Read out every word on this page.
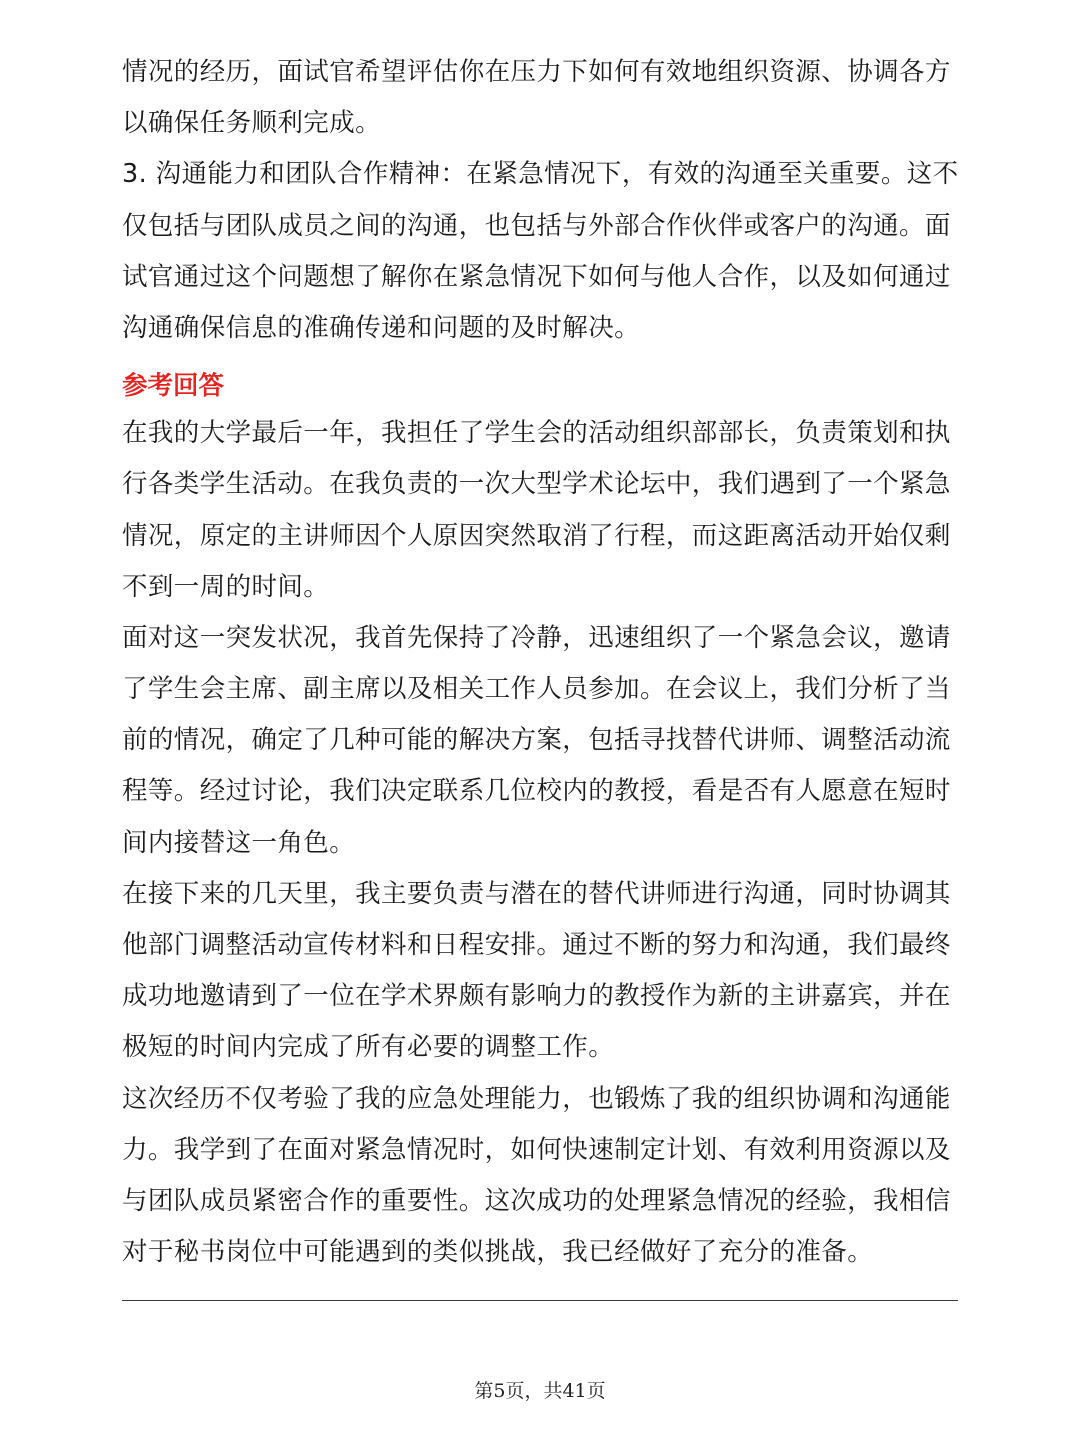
情况的经历，面试官希望评估你在压力下如何有效地组织资源、协调各方

以确保任务顺利完成。

3. 沟通能力和团队合作精神：在紧急情况下，有效的沟通至关重要。这不

仅包括与团队成员之间的沟通，也包括与外部合作伙伴或客户的沟通。面

试官通过这个问题想了解你在紧急情况下如何与他人合作，以及如何通过

沟通确保信息的准确传递和问题的及时解决。

参考回答

在我的大学最后一年，我担任了学生会的活动组织部部长，负责策划和执

行各类学生活动。在我负责的一次大型学术论坛中，我们遇到了一个紧急

情况，原定的主讲师因个人原因突然取消了行程，而这距离活动开始仅剩

不到一周的时间。

面对这一突发状况，我首先保持了冷静，迅速组织了一个紧急会议，邀请

了学生会主席、副主席以及相关工作人员参加。在会议上，我们分析了当

前的情况，确定了几种可能的解决方案，包括寻找替代讲师、调整活动流

程等。经过讨论，我们决定联系几位校内的教授，看是否有人愿意在短时

间内接替这一角色。

在接下来的几天里，我主要负责与潜在的替代讲师进行沟通，同时协调其

他部门调整活动宣传材料和日程安排。通过不断的努力和沟通，我们最终

成功地邀请到了一位在学术界颇有影响力的教授作为新的主讲嘉宾，并在

极短的时间内完成了所有必要的调整工作。

这次经历不仅考验了我的应急处理能力，也锻炼了我的组织协调和沟通能

力。我学到了在面对紧急情况时，如何快速制定计划、有效利用资源以及

与团队成员紧密合作的重要性。这次成功的处理紧急情况的经验，我相信

对于秘书岗位中可能遇到的类似挑战，我已经做好了充分的准备。

第5页，共41页
